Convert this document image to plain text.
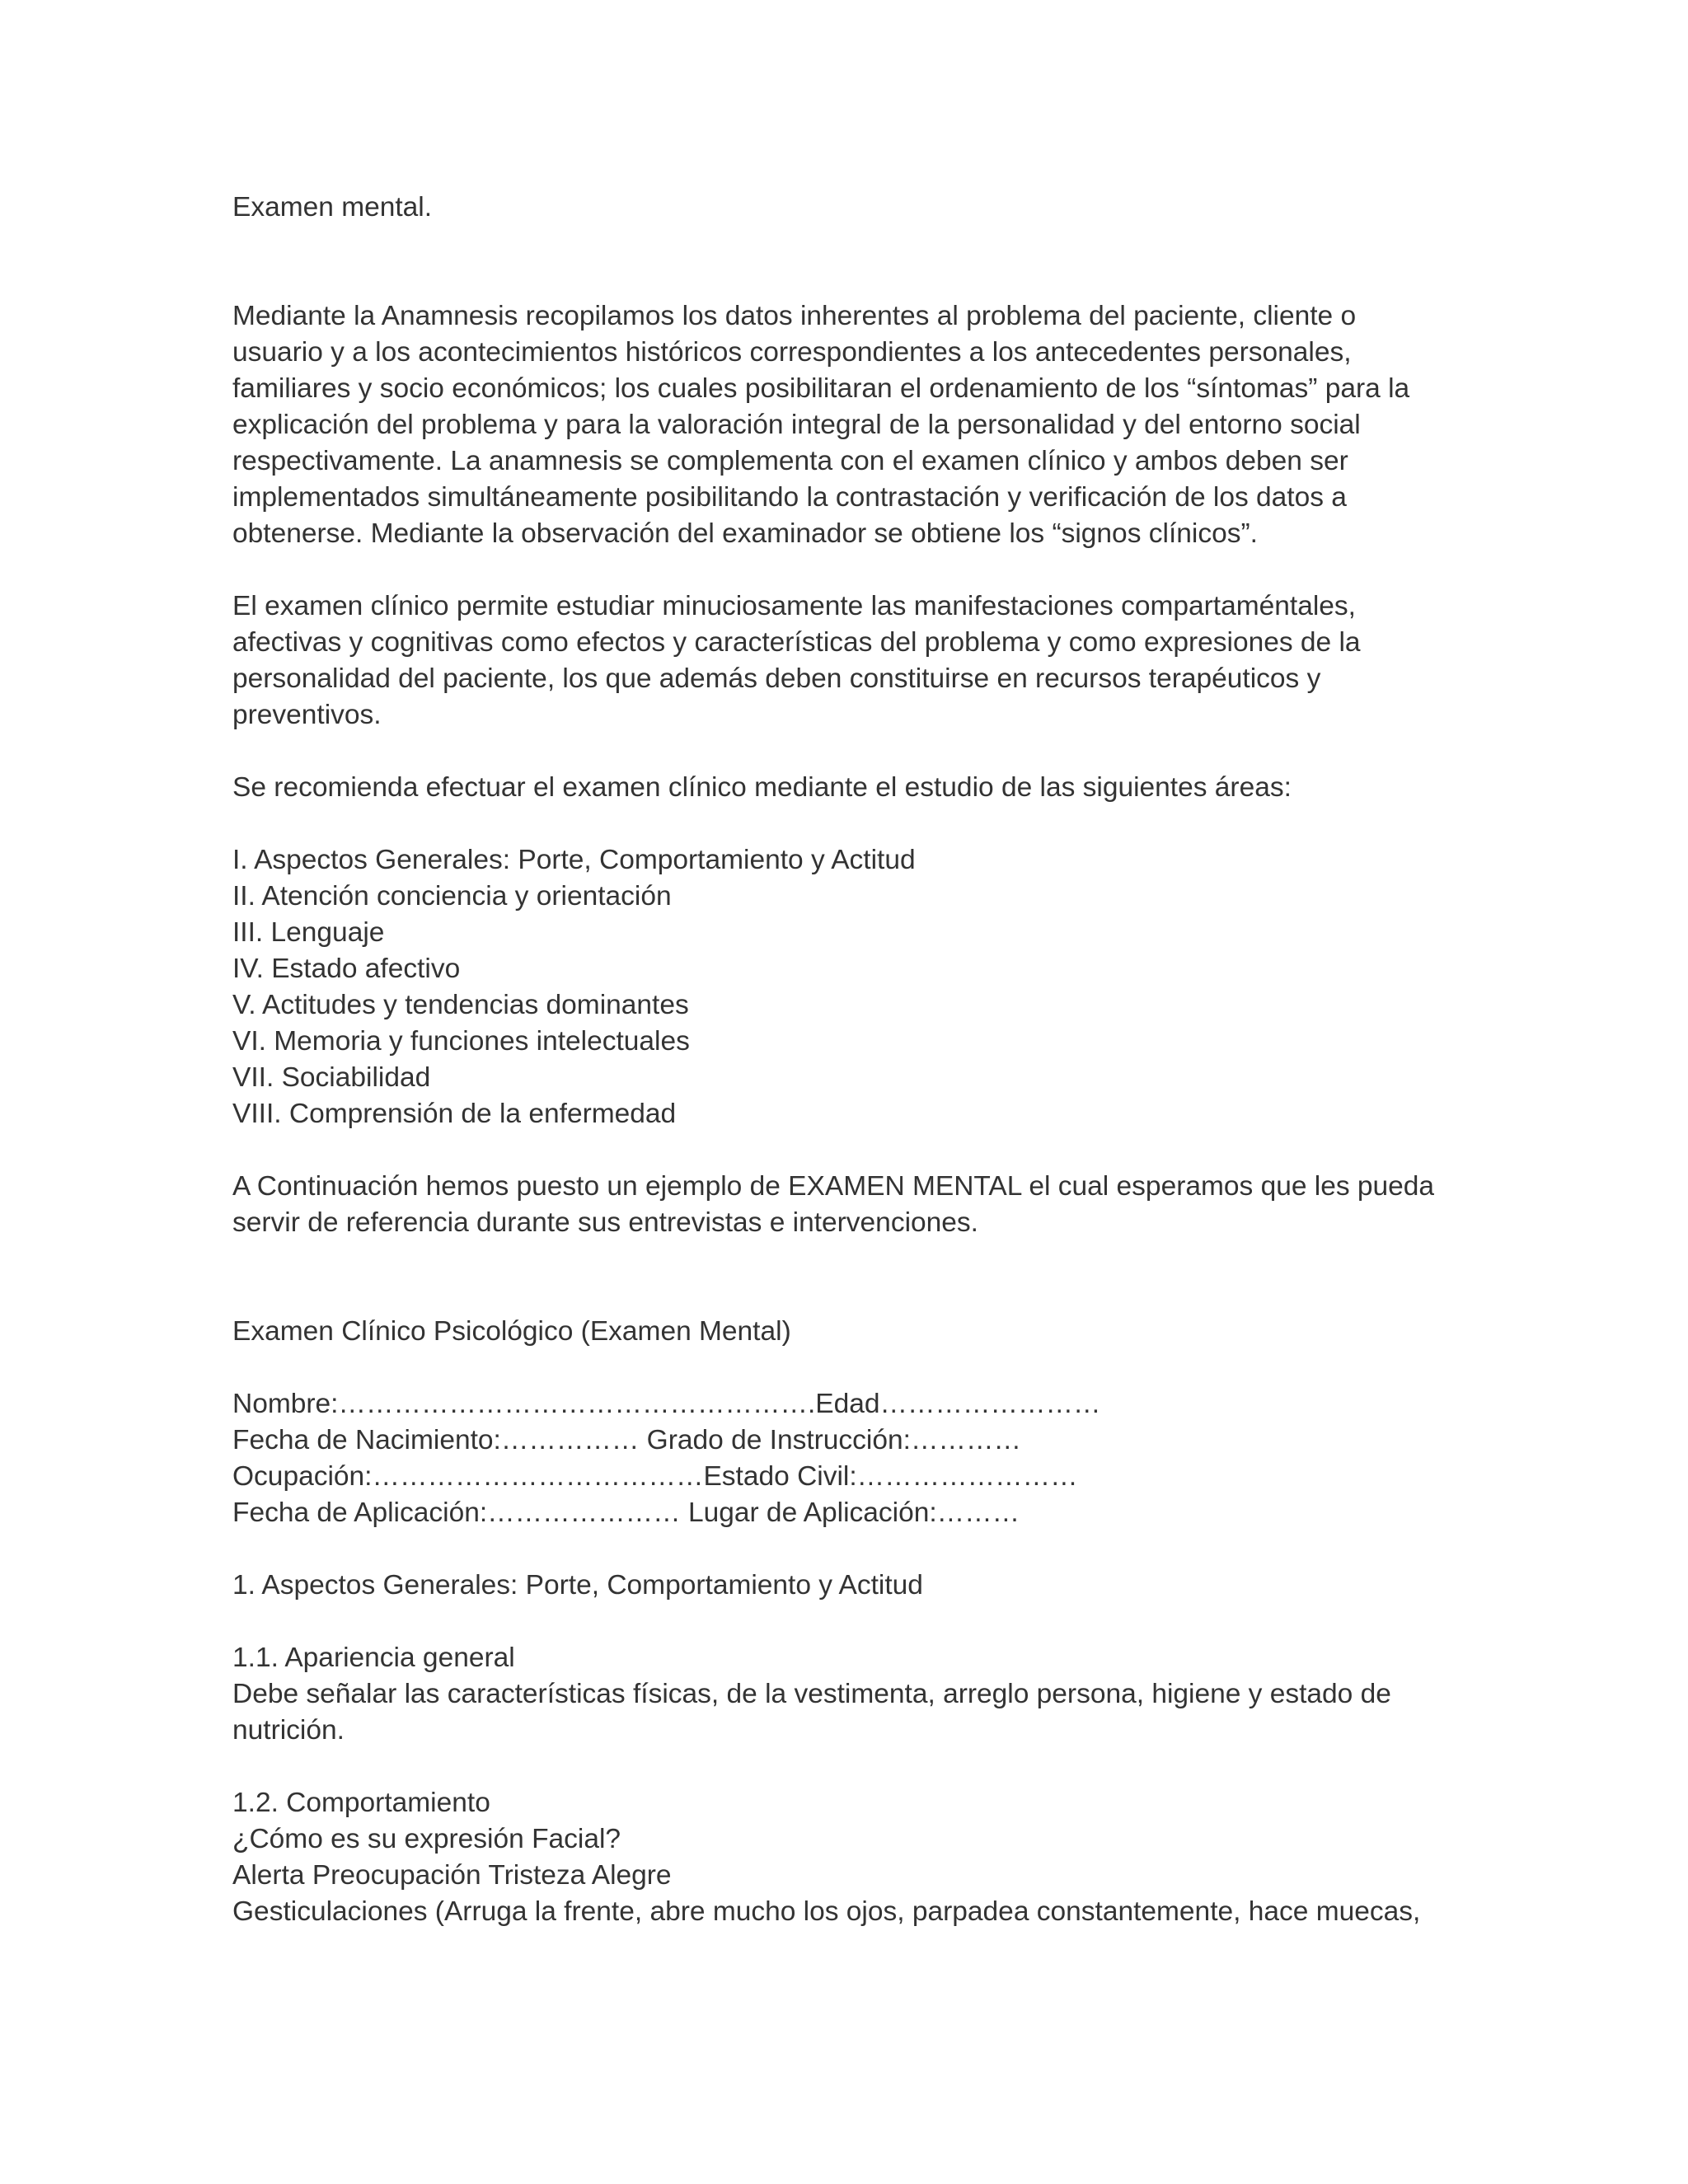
Examen mental.
Mediante la Anamnesis recopilamos los datos inherentes al problema del paciente, cliente o
usuario y a los acontecimientos históricos correspondientes a los antecedentes personales,
familiares y socio económicos; los cuales posibilitaran el ordenamiento de los “síntomas” para la
explicación del problema y para la valoración integral de la personalidad y del entorno social
respectivamente. La anamnesis se complementa con el examen clínico y ambos deben ser
implementados simultáneamente posibilitando la contrastación y verificación de los datos a
obtenerse. Mediante la observación del examinador se obtiene los “signos clínicos”.
El examen clínico permite estudiar minuciosamente las manifestaciones compartaméntales,
afectivas y cognitivas como efectos y características del problema y como expresiones de la
personalidad del paciente, los que además deben constituirse en recursos terapéuticos y
preventivos.
Se recomienda efectuar el examen clínico mediante el estudio de las siguientes áreas:
I. Aspectos Generales: Porte, Comportamiento y Actitud
II. Atención conciencia y orientación
III. Lenguaje
IV. Estado afectivo
V. Actitudes y tendencias dominantes
VI. Memoria y funciones intelectuales
VII. Sociabilidad
VIII. Comprensión de la enfermedad
A Continuación hemos puesto un ejemplo de EXAMEN MENTAL el cual esperamos que les pueda
servir de referencia durante sus entrevistas e intervenciones.
Examen Clínico Psicológico (Examen Mental)
Nombre:…………………………………………….Edad……………………
Fecha de Nacimiento:…………… Grado de Instrucción:…………
Ocupación:………………………………Estado Civil:……………………
Fecha de Aplicación:………………… Lugar de Aplicación:………
1. Aspectos Generales: Porte, Comportamiento y Actitud
1.1. Apariencia general
Debe señalar las características físicas, de la vestimenta, arreglo persona, higiene y estado de
nutrición.
1.2. Comportamiento
¿Cómo es su expresión Facial?
Alerta Preocupación Tristeza Alegre
Gesticulaciones (Arruga la frente, abre mucho los ojos, parpadea constantemente, hace muecas,
